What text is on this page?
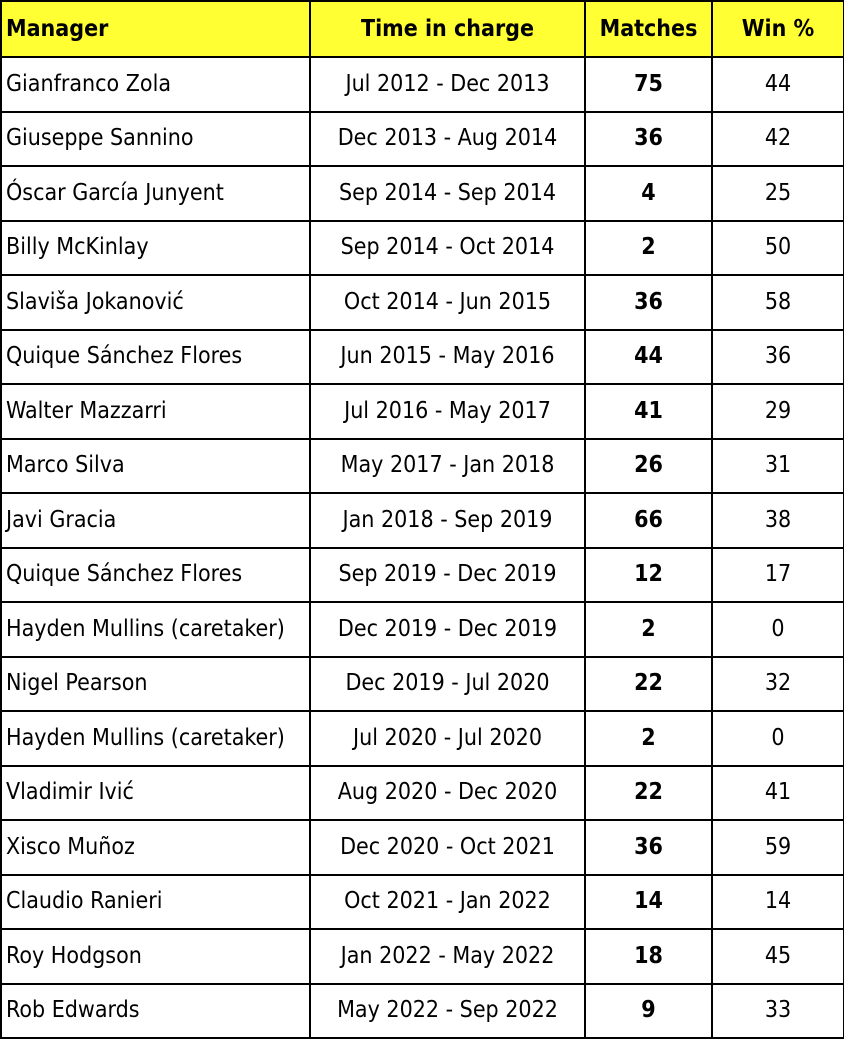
Manager	Time in charge	Matches	Win %
Gianfranco Zola	Jul 2012 - Dec 2013	75	44
Giuseppe Sannino	Dec 2013 - Aug 2014	36	42
Óscar García Junyent	Sep 2014 - Sep 2014	4	25
Billy McKinlay	Sep 2014 - Oct 2014	2	50
Slaviša Jokanović	Oct 2014 - Jun 2015	36	58
Quique Sánchez Flores	Jun 2015 - May 2016	44	36
Walter Mazzarri	Jul 2016 - May 2017	41	29
Marco Silva	May 2017 - Jan 2018	26	31
Javi Gracia	Jan 2018 - Sep 2019	66	38
Quique Sánchez Flores	Sep 2019 - Dec 2019	12	17
Hayden Mullins (caretaker)	Dec 2019 - Dec 2019	2	0
Nigel Pearson	Dec 2019 - Jul 2020	22	32
Hayden Mullins (caretaker)	Jul 2020 - Jul 2020	2	0
Vladimir Ivić	Aug 2020 - Dec 2020	22	41
Xisco Muñoz	Dec 2020 - Oct 2021	36	59
Claudio Ranieri	Oct 2021 - Jan 2022	14	14
Roy Hodgson	Jan 2022 - May 2022	18	45
Rob Edwards	May 2022 - Sep 2022	9	33
